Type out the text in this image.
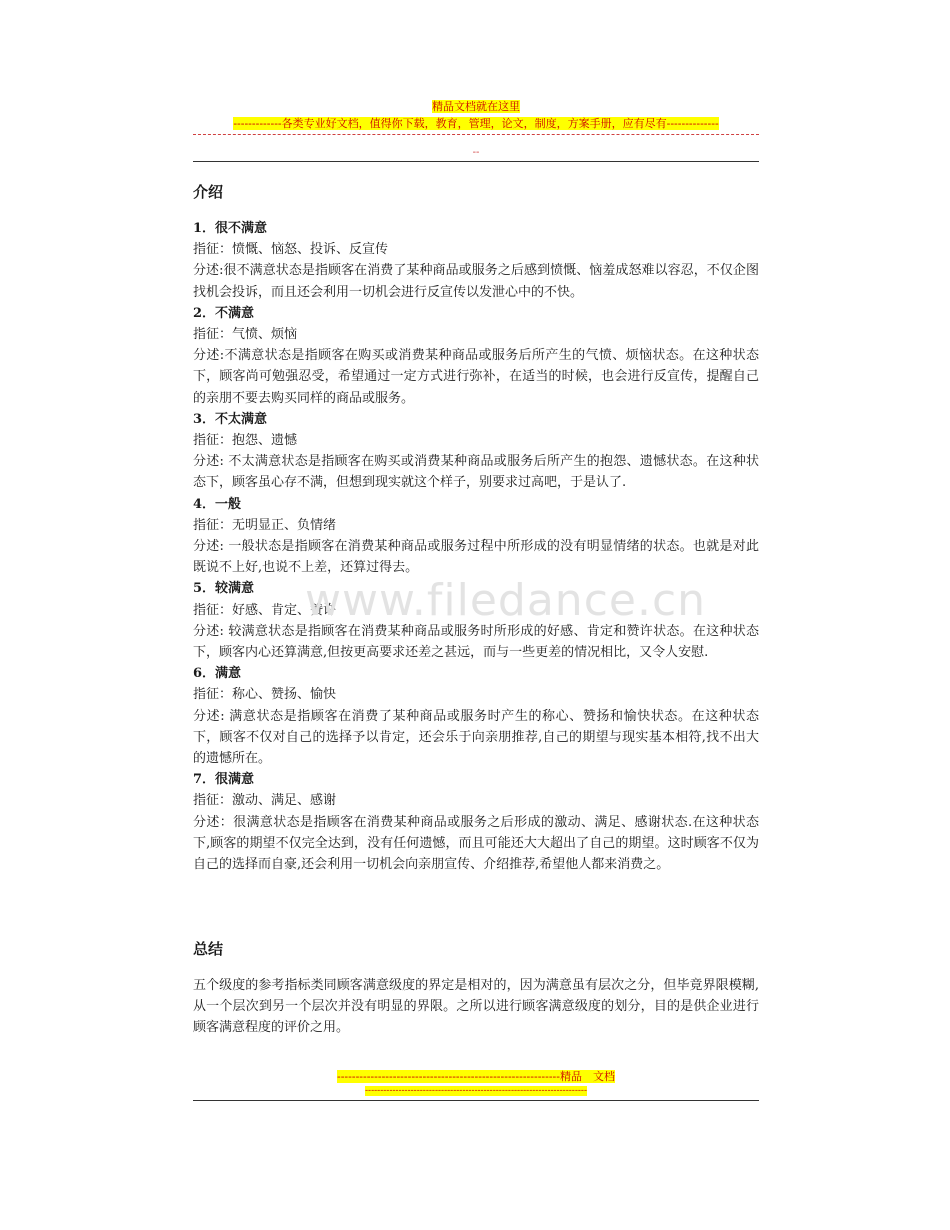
精品文档就在这里
-------------各类专业好文档，值得你下载，教育，管理，论文，制度，方案手册，应有尽有--------------
--
介绍
1．很不满意

指征：愤慨、恼怒、投诉、反宣传

分述:很不满意状态是指顾客在消费了某种商品或服务之后感到愤慨、恼羞成怒难以容忍，不仅企图找机会投诉，而且还会利用一切机会进行反宣传以发泄心中的不快。

2．不满意

指征：气愤、烦恼

分述:不满意状态是指顾客在购买或消费某种商品或服务后所产生的气愤、烦恼状态。在这种状态下，顾客尚可勉强忍受，希望通过一定方式进行弥补，在适当的时候，也会进行反宣传，提醒自己的亲朋不要去购买同样的商品或服务。

3．不太满意

指征：抱怨、遗憾

分述: 不太满意状态是指顾客在购买或消费某种商品或服务后所产生的抱怨、遗憾状态。在这种状态下，顾客虽心存不满，但想到现实就这个样子，别要求过高吧，于是认了.

4．一般

指征：无明显正、负情绪

分述: 一般状态是指顾客在消费某种商品或服务过程中所形成的没有明显情绪的状态。也就是对此既说不上好,也说不上差，还算过得去。

5．较满意

指征：好感、肯定、赞许

分述: 较满意状态是指顾客在消费某种商品或服务时所形成的好感、肯定和赞许状态。在这种状态下，顾客内心还算满意,但按更高要求还差之甚远，而与一些更差的情况相比，又令人安慰.

6．满意

指征：称心、赞扬、愉快

分述: 满意状态是指顾客在消费了某种商品或服务时产生的称心、赞扬和愉快状态。在这种状态下，顾客不仅对自己的选择予以肯定，还会乐于向亲朋推荐,自己的期望与现实基本相符,找不出大的遗憾所在。

7．很满意

指征：激动、满足、感谢

分述：很满意状态是指顾客在消费某种商品或服务之后形成的激动、满足、感谢状态.在这种状态下,顾客的期望不仅完全达到，没有任何遗憾，而且可能还大大超出了自己的期望。这时顾客不仅为自己的选择而自豪,还会利用一切机会向亲朋宣传、介绍推荐,希望他人都来消费之。

总结

五个级度的参考指标类同顾客满意级度的界定是相对的，因为满意虽有层次之分，但毕竟界限模糊,从一个层次到另一个层次并没有明显的界限。之所以进行顾客满意级度的划分，目的是供企业进行顾客满意程度的评价之用。

------------------------------------------------------------精品　文档
-------------------------------------------------------------------------
www.filedance.cn
